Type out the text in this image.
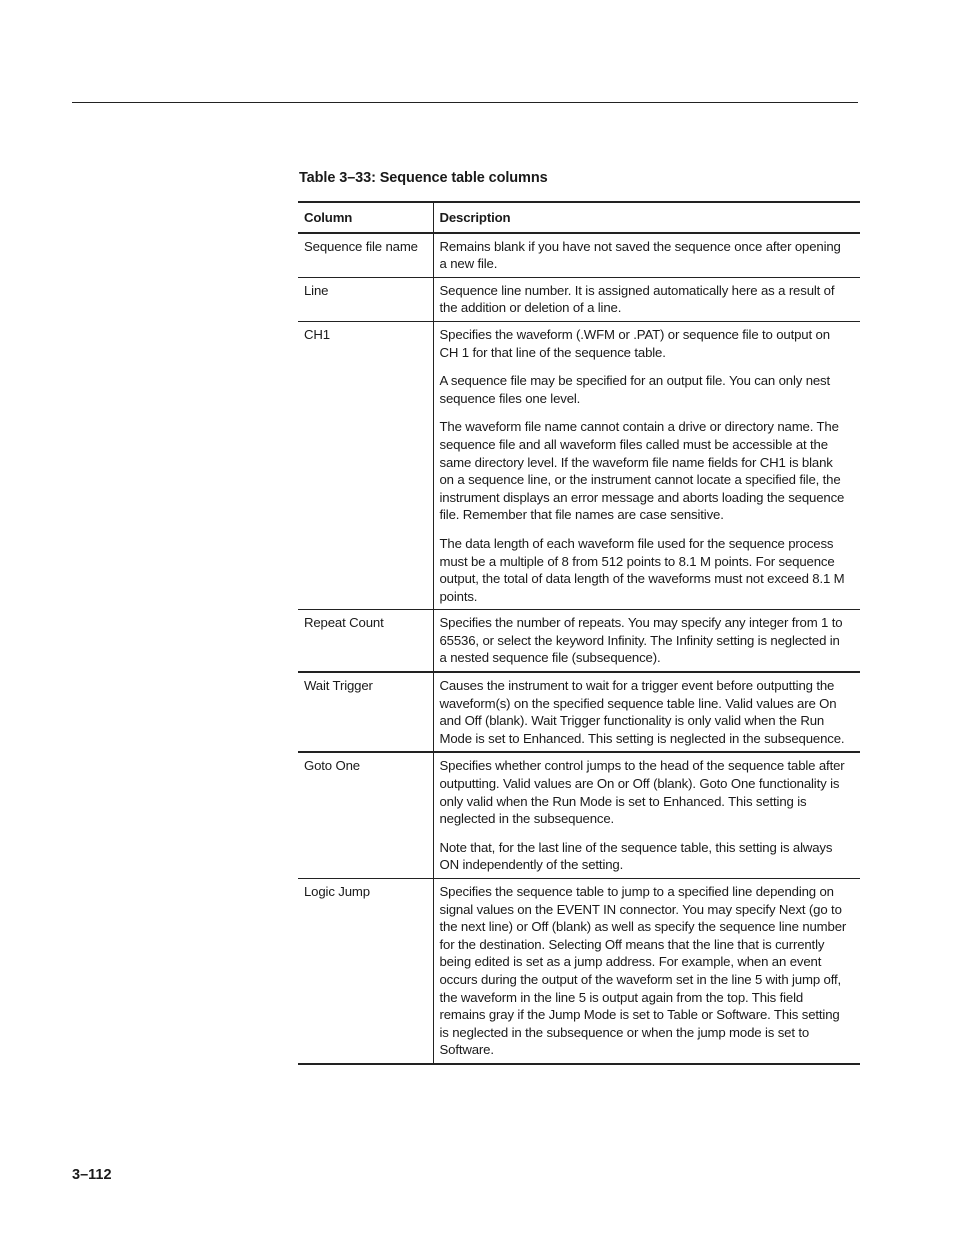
Table 3–33: Sequence table columns
Column	Description
Sequence file name	Remains blank if you have not saved the sequence once after opening a new file.

Line	Sequence line number. It is assigned automatically here as a result of the addition or deletion of a line.

CH1	Specifies the waveform (.WFM or .PAT) or sequence file to output on CH 1 for that line of the sequence table.

A sequence file may be specified for an output file. You can only nest sequence files one level.

The waveform file name cannot contain a drive or directory name. The sequence file and all waveform files called must be accessible at the same directory level. If the waveform file name fields for CH1 is blank on a sequence line, or the instrument cannot locate a specified file, the instrument displays an error message and aborts loading the sequence file. Remember that file names are case sensitive.

The data length of each waveform file used for the sequence process must be a multiple of 8 from 512 points to 8.1 M points. For sequence output, the total of data length of the waveforms must not exceed 8.1 M points.

Repeat Count	Specifies the number of repeats. You may specify any integer from 1 to 65536, or select the keyword Infinity. The Infinity setting is neglected in a nested sequence file (subsequence).

Wait Trigger	Causes the instrument to wait for a trigger event before outputting the waveform(s) on the specified sequence table line. Valid values are On and Off (blank). Wait Trigger functionality is only valid when the Run Mode is set to Enhanced. This setting is neglected in the subsequence.

Goto One	Specifies whether control jumps to the head of the sequence table after outputting. Valid values are On or Off (blank). Goto One functionality is only valid when the Run Mode is set to Enhanced. This setting is neglected in the subsequence.

Note that, for the last line of the sequence table, this setting is always ON independently of the setting.

Logic Jump	Specifies the sequence table to jump to a specified line depending on signal values on the EVENT IN connector. You may specify Next (go to the next line) or Off (blank) as well as specify the sequence line number for the destination. Selecting Off means that the line that is currently being edited is set as a jump address. For example, when an event occurs during the output of the waveform set in the line 5 with jump off, the waveform in the line 5 is output again from the top. This field remains gray if the Jump Mode is set to Table or Software. This setting is neglected in the subsequence or when the jump mode is set to Software.

3–112
